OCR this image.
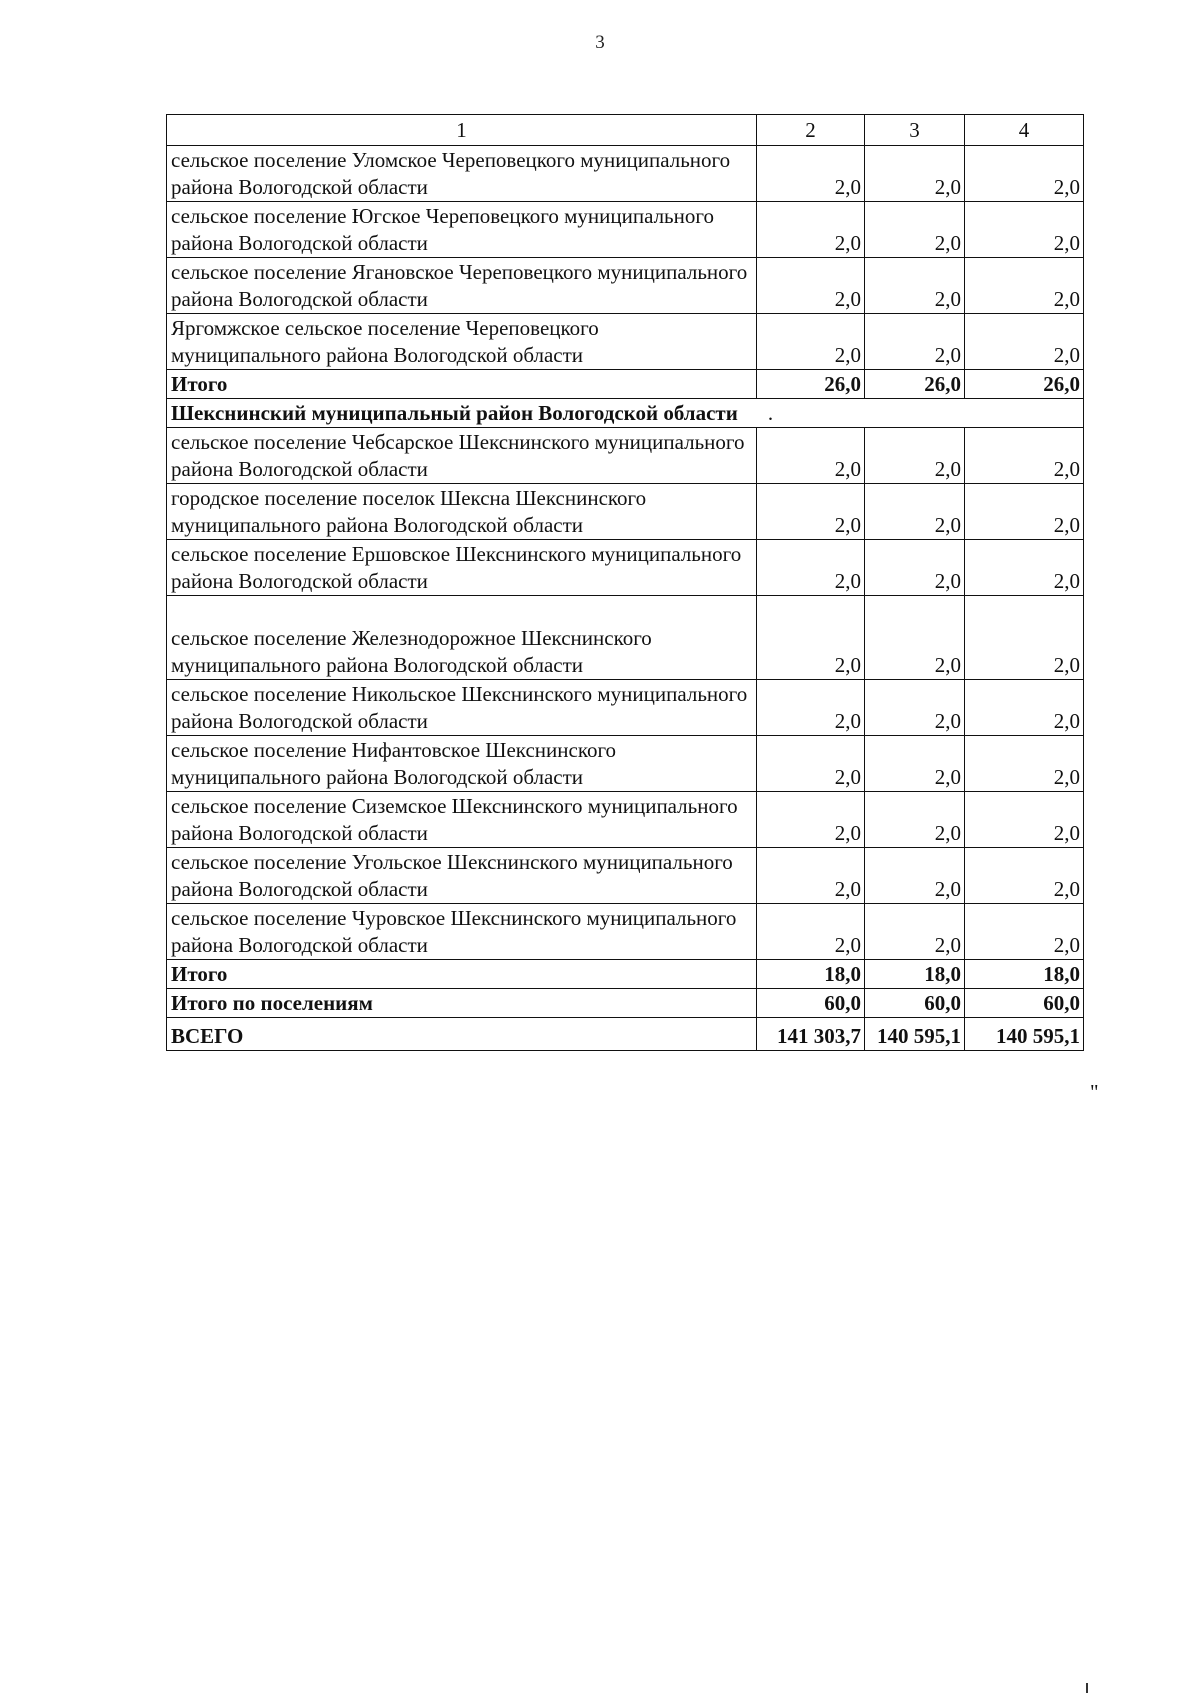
3
1	2	3	4
сельское поселение Уломское Череповецкого муниципального района Вологодской области	2,0	2,0	2,0
сельское поселение Югское Череповецкого муниципального района Вологодской области	2,0	2,0	2,0
сельское поселение Ягановское Череповецкого муниципального района Вологодской области	2,0	2,0	2,0
Яргомжское сельское поселение Череповецкого муниципального района Вологодской области	2,0	2,0	2,0
Итого	26,0	26,0	26,0
Шекснинский муниципальный район Вологодской области .			
сельское поселение Чебсарское Шекснинского муниципального района Вологодской области	2,0	2,0	2,0
городское поселение поселок Шексна Шекснинского муниципального района Вологодской области	2,0	2,0	2,0
сельское поселение Ершовское Шекснинского муниципального района Вологодской области	2,0	2,0	2,0
сельское поселение Железнодорожное Шекснинского муниципального района Вологодской области	2,0	2,0	2,0
сельское поселение Никольское Шекснинского муниципального района Вологодской области	2,0	2,0	2,0
сельское поселение Нифантовское Шекснинского муниципального района Вологодской области	2,0	2,0	2,0
сельское поселение Сиземское Шекснинского муниципального района Вологодской области	2,0	2,0	2,0
сельское поселение Угольское Шекснинского муниципального района Вологодской области	2,0	2,0	2,0
сельское поселение Чуровское Шекснинского муниципального района Вологодской области	2,0	2,0	2,0
Итого	18,0	18,0	18,0
Итого по поселениям	60,0	60,0	60,0
ВСЕГО	141 303,7	140 595,1	140 595,1
"
